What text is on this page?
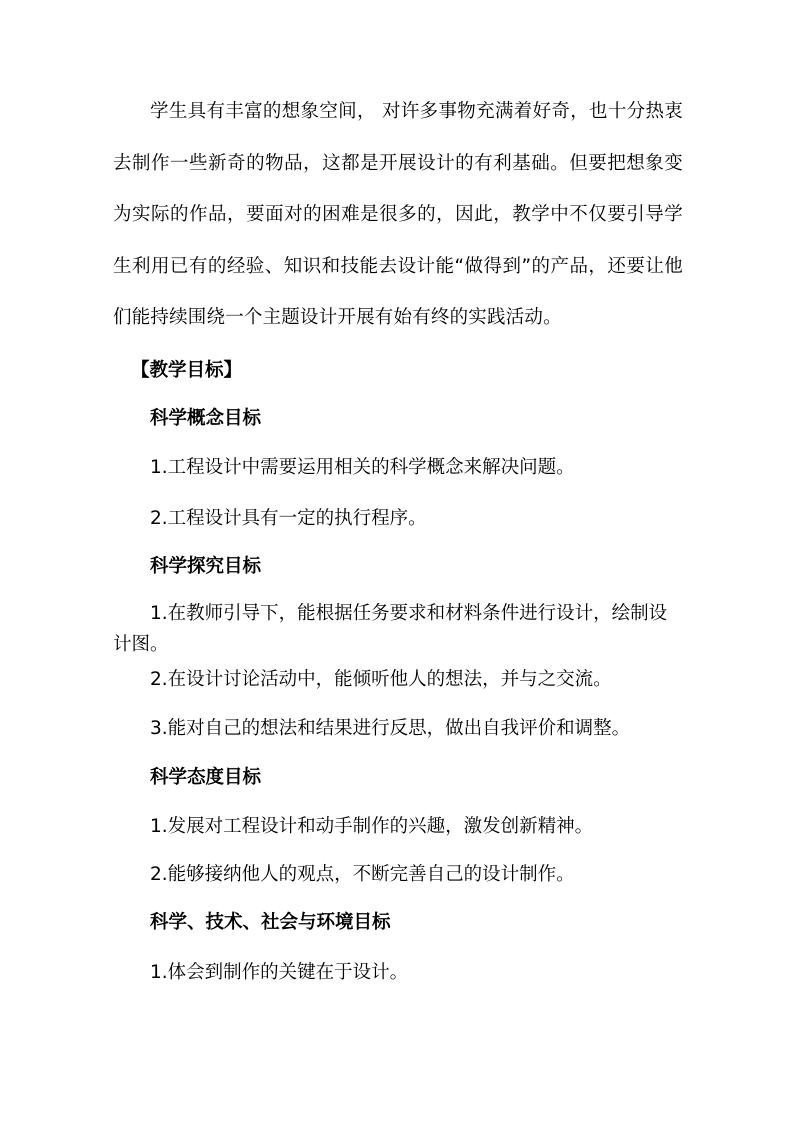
学生具有丰富的想象空间， 对许多事物充满着好奇，也十分热衷去制作一些新奇的物品，这都是开展设计的有利基础。但要把想象变为实际的作品，要面对的困难是很多的，因此，教学中不仅要引导学生利用已有的经验、知识和技能去设计能“做得到”的产品，还要让他们能持续围绕一个主题设计开展有始有终的实践活动。

【教学目标】

科学概念目标

1.工程设计中需要运用相关的科学概念来解决问题。

2.工程设计具有一定的执行程序。

科学探究目标

1.在教师引导下，能根据任务要求和材料条件进行设计，绘制设计图。

2.在设计讨论活动中，能倾听他人的想法，并与之交流。

3.能对自己的想法和结果进行反思，做出自我评价和调整。

科学态度目标

1.发展对工程设计和动手制作的兴趣，激发创新精神。

2.能够接纳他人的观点，不断完善自己的设计制作。

科学、技术、社会与环境目标

1.体会到制作的关键在于设计。
